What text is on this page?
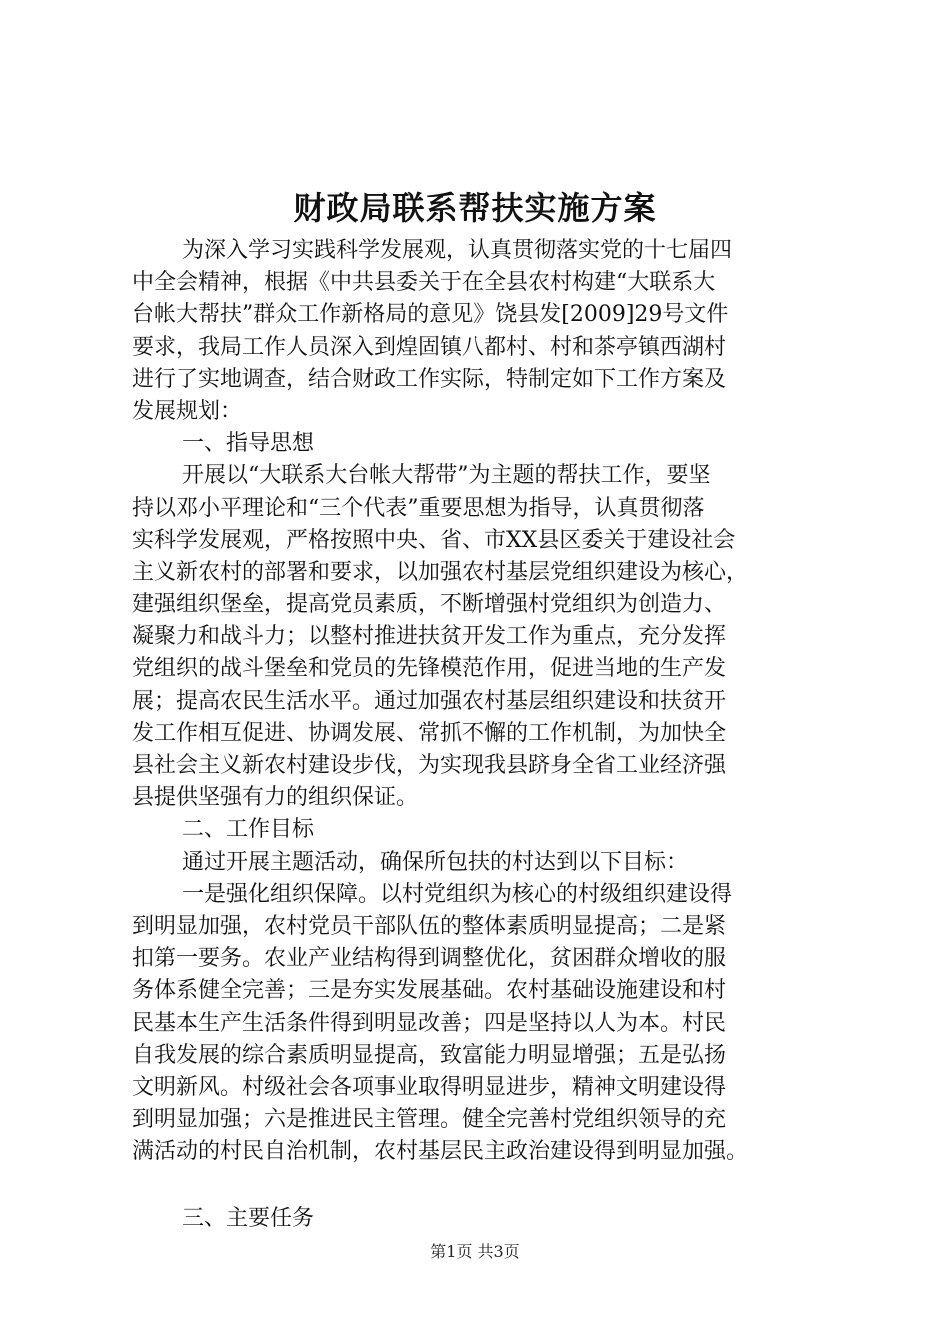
财政局联系帮扶实施方案
为深入学习实践科学发展观，认真贯彻落实党的十七届四
中全会精神，根据《中共县委关于在全县农村构建“大联系大
台帐大帮扶”群众工作新格局的意见》饶县发[2009]29号文件
要求，我局工作人员深入到煌固镇八都村、村和茶亭镇西湖村
进行了实地调查，结合财政工作实际，特制定如下工作方案及
发展规划：
一、指导思想
开展以“大联系大台帐大帮带”为主题的帮扶工作，要坚
持以邓小平理论和“三个代表”重要思想为指导，认真贯彻落
实科学发展观，严格按照中央、省、市XX县区委关于建设社会
主义新农村的部署和要求，以加强农村基层党组织建设为核心，
建强组织堡垒，提高党员素质，不断增强村党组织为创造力、
凝聚力和战斗力；以整村推进扶贫开发工作为重点，充分发挥
党组织的战斗堡垒和党员的先锋模范作用，促进当地的生产发
展；提高农民生活水平。通过加强农村基层组织建设和扶贫开
发工作相互促进、协调发展、常抓不懈的工作机制，为加快全
县社会主义新农村建设步伐，为实现我县跻身全省工业经济强
县提供坚强有力的组织保证。
二、工作目标
通过开展主题活动，确保所包扶的村达到以下目标：
一是强化组织保障。以村党组织为核心的村级组织建设得
到明显加强，农村党员干部队伍的整体素质明显提高；二是紧
扣第一要务。农业产业结构得到调整优化，贫困群众增收的服
务体系健全完善；三是夯实发展基础。农村基础设施建设和村
民基本生产生活条件得到明显改善；四是坚持以人为本。村民
自我发展的综合素质明显提高，致富能力明显增强；五是弘扬
文明新风。村级社会各项事业取得明显进步，精神文明建设得
到明显加强；六是推进民主管理。健全完善村党组织领导的充
满活动的村民自治机制，农村基层民主政治建设得到明显加强。
三、主要任务
第1页 共3页
